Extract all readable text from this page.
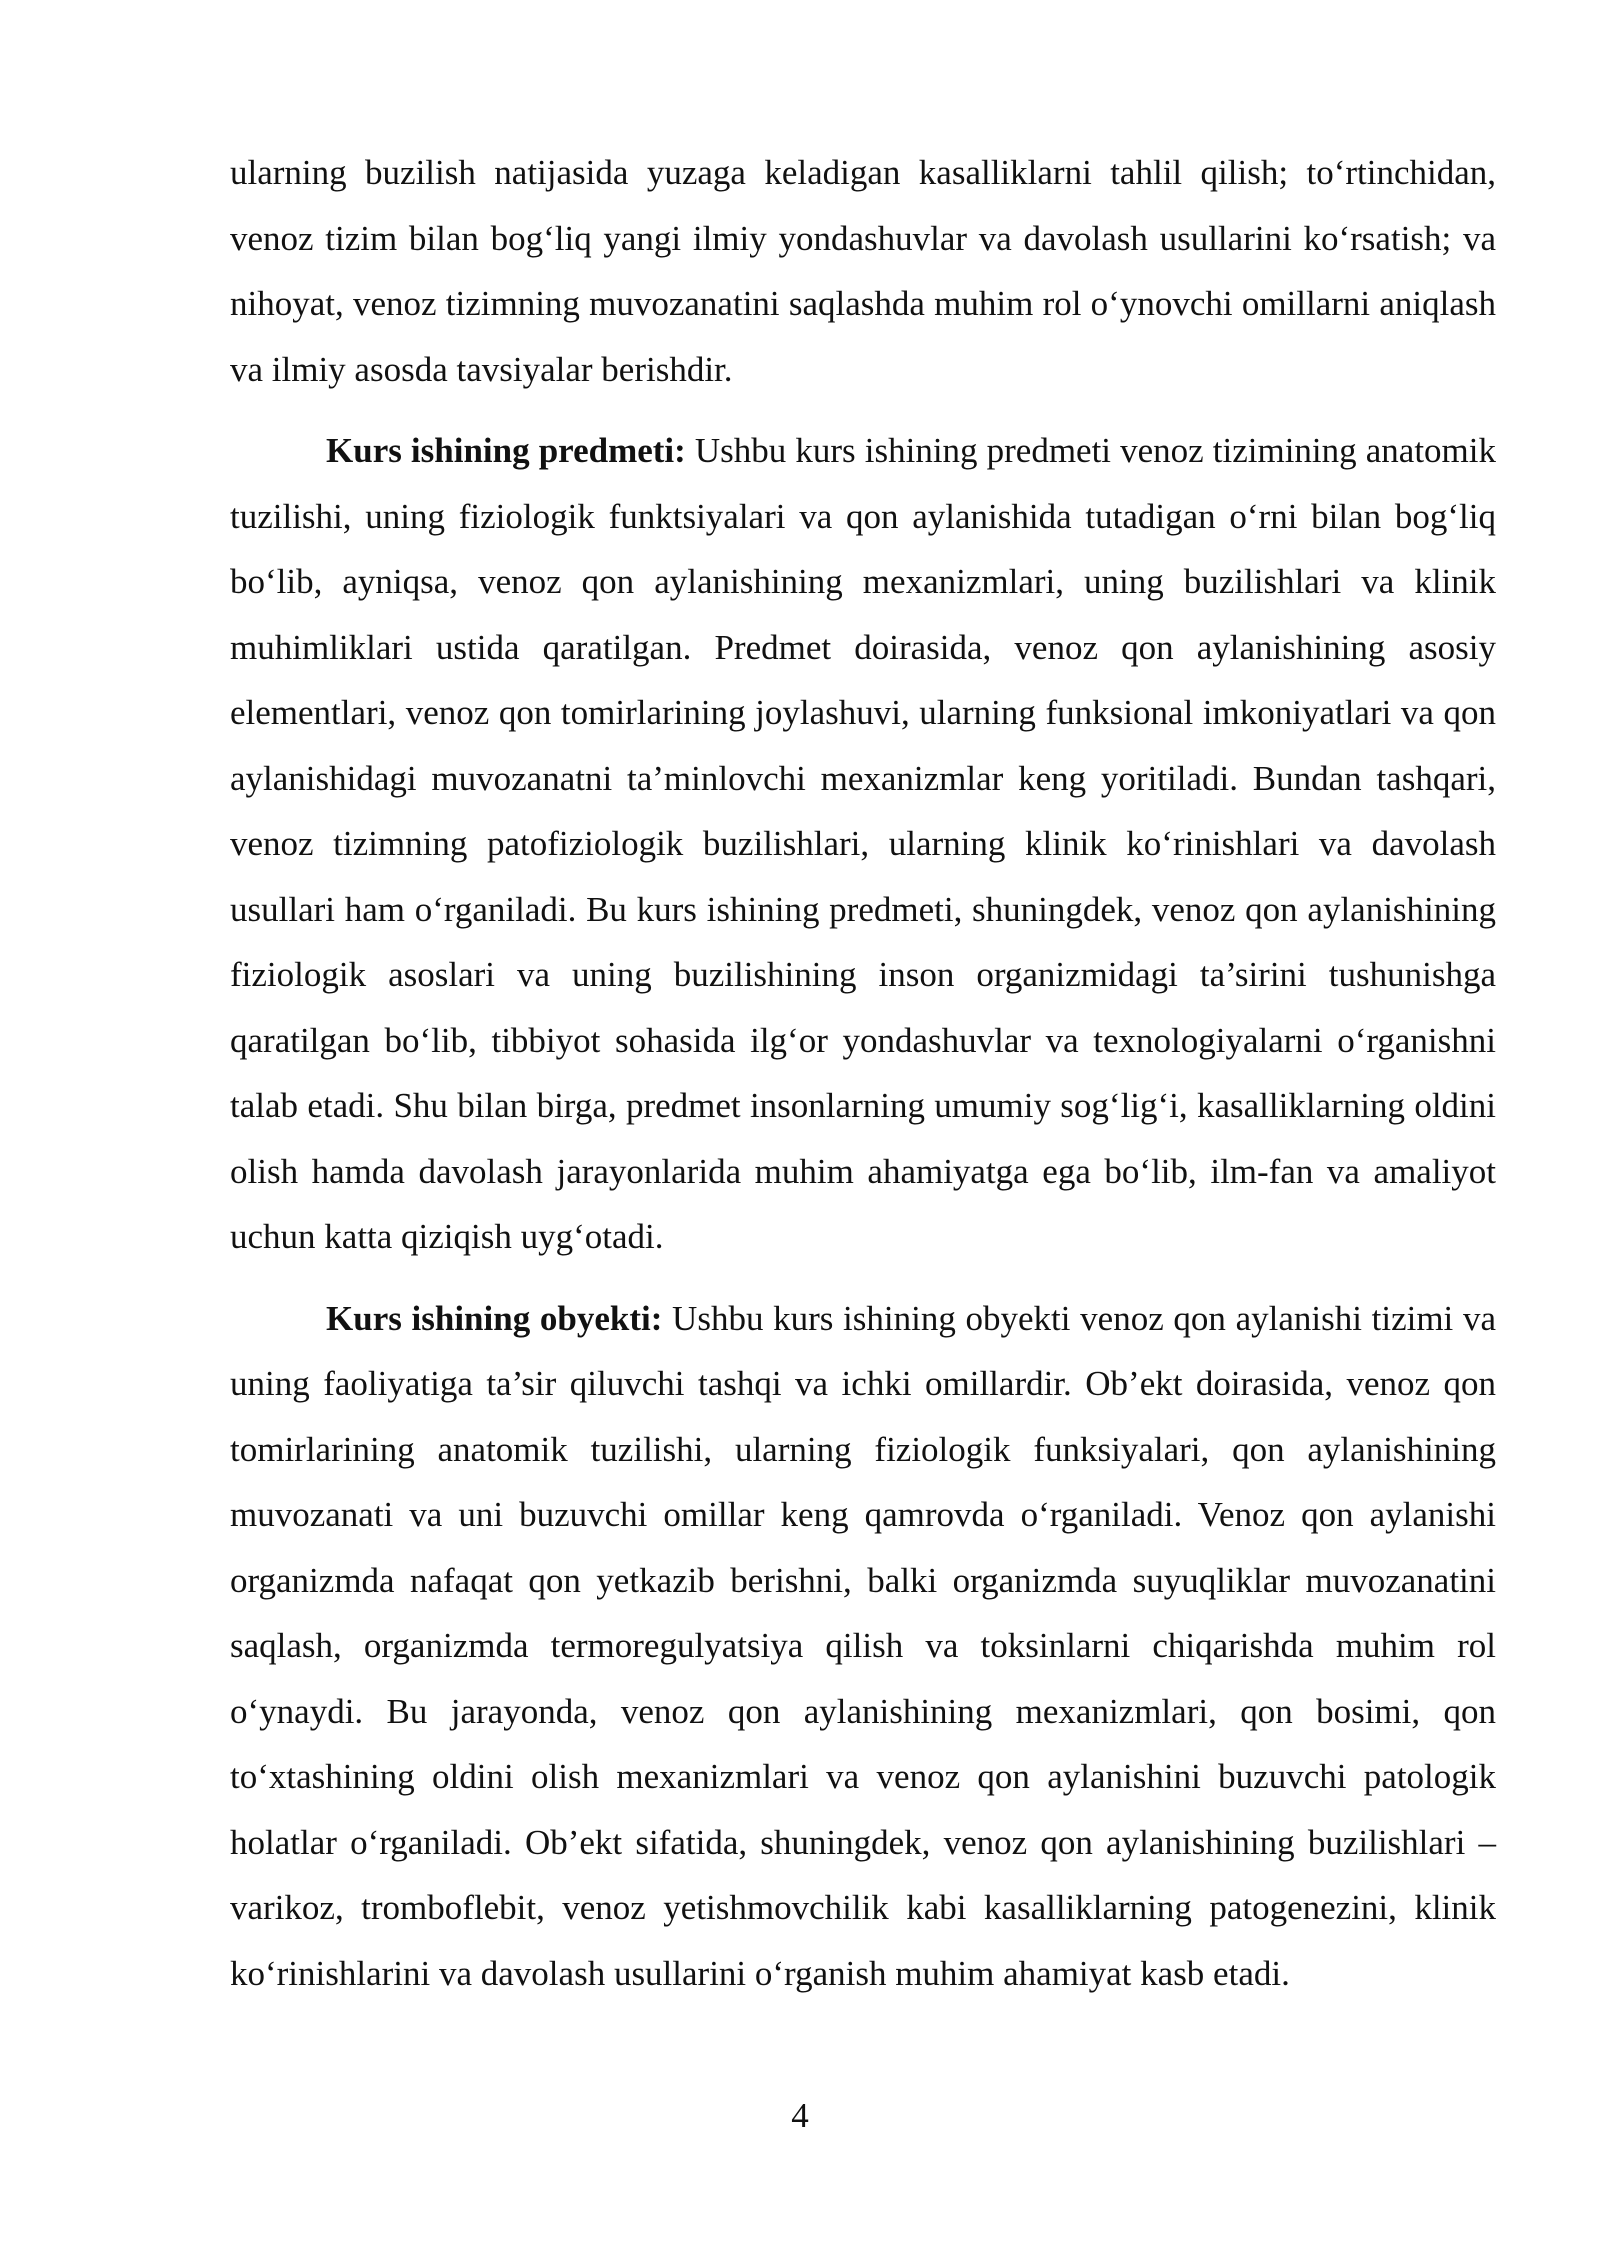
ularning buzilish natijasida yuzaga keladigan kasalliklarni tahlil qilish; to‘rtinchidan, venoz tizim bilan bog‘liq yangi ilmiy yondashuvlar va davolash usullarini ko‘rsatish; va nihoyat, venoz tizimning muvozanatini saqlashda muhim rol o‘ynovchi omillarni aniqlash va ilmiy asosda tavsiyalar berishdir.

Kurs ishining predmeti: Ushbu kurs ishining predmeti venoz tizimining anatomik tuzilishi, uning fiziologik funktsiyalari va qon aylanishida tutadigan o‘rni bilan bog‘liq bo‘lib, ayniqsa, venoz qon aylanishining mexanizmlari, uning buzilishlari va klinik muhimliklari ustida qaratilgan. Predmet doirasida, venoz qon aylanishining asosiy elementlari, venoz qon tomirlarining joylashuvi, ularning funksional imkoniyatlari va qon aylanishidagi muvozanatni ta’minlovchi mexanizmlar keng yoritiladi. Bundan tashqari, venoz tizimning patofiziologik buzilishlari, ularning klinik ko‘rinishlari va davolash usullari ham o‘rganiladi. Bu kurs ishining predmeti, shuningdek, venoz qon aylanishining fiziologik asoslari va uning buzilishining inson organizmidagi ta’sirini tushunishga qaratilgan bo‘lib, tibbiyot sohasida ilg‘or yondashuvlar va texnologiyalarni o‘rganishni talab etadi. Shu bilan birga, predmet insonlarning umumiy sog‘lig‘i, kasalliklarning oldini olish hamda davolash jarayonlarida muhim ahamiyatga ega bo‘lib, ilm-fan va amaliyot uchun katta qiziqish uyg‘otadi.

Kurs ishining obyekti: Ushbu kurs ishining obyekti venoz qon aylanishi tizimi va uning faoliyatiga ta’sir qiluvchi tashqi va ichki omillardir. Ob’ekt doirasida, venoz qon tomirlarining anatomik tuzilishi, ularning fiziologik funksiyalari, qon aylanishining muvozanati va uni buzuvchi omillar keng qamrovda o‘rganiladi. Venoz qon aylanishi organizmda nafaqat qon yetkazib berishni, balki organizmda suyuqliklar muvozanatini saqlash, organizmda termoregulyatsiya qilish va toksinlarni chiqarishda muhim rol o‘ynaydi. Bu jarayonda, venoz qon aylanishining mexanizmlari, qon bosimi, qon to‘xtashining oldini olish mexanizmlari va venoz qon aylanishini buzuvchi patologik holatlar o‘rganiladi. Ob’ekt sifatida, shuningdek, venoz qon aylanishining buzilishlari – varikoz, tromboflebit, venoz yetishmovchilik kabi kasalliklarning patogenezini, klinik ko‘rinishlarini va davolash usullarini o‘rganish muhim ahamiyat kasb etadi.

4
